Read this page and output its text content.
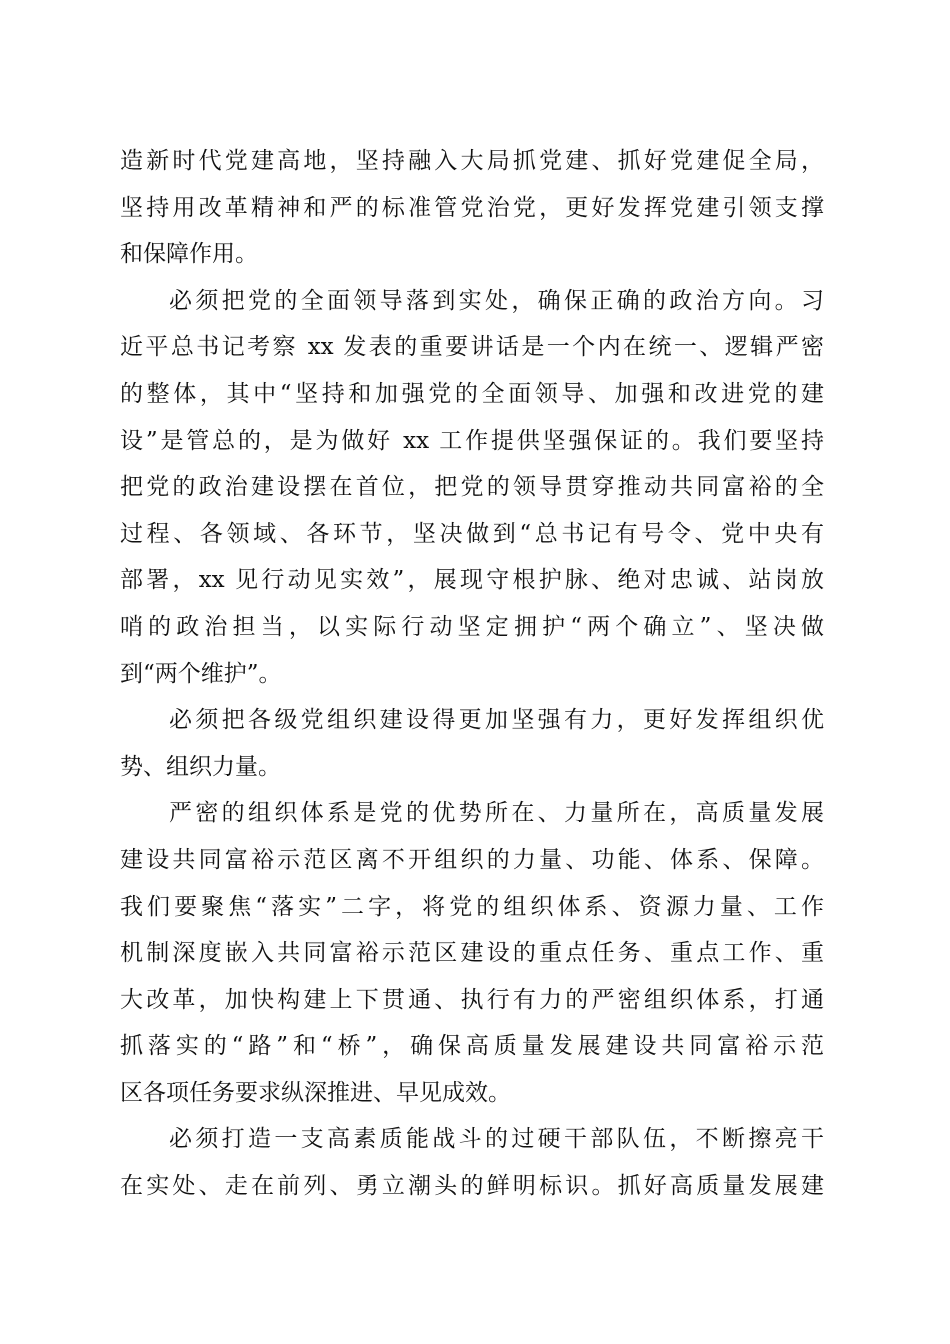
造新时代党建高地，坚持融入大局抓党建、抓好党建促全局，
坚持用改革精神和严的标准管党治党，更好发挥党建引领支撑
和保障作用。
必须把党的全面领导落到实处，确保正确的政治方向。习
近平总书记考察 xx 发表的重要讲话是一个内在统一、逻辑严密
的整体，其中“坚持和加强党的全面领导、加强和改进党的建
设”是管总的，是为做好 xx 工作提供坚强保证的。我们要坚持
把党的政治建设摆在首位，把党的领导贯穿推动共同富裕的全
过程、各领域、各环节，坚决做到“总书记有号令、党中央有
部署，xx 见行动见实效”，展现守根护脉、绝对忠诚、站岗放
哨的政治担当，以实际行动坚定拥护“两个确立”、坚决做
到“两个维护”。
必须把各级党组织建设得更加坚强有力，更好发挥组织优
势、组织力量。
严密的组织体系是党的优势所在、力量所在，高质量发展
建设共同富裕示范区离不开组织的力量、功能、体系、保障。
我们要聚焦“落实”二字，将党的组织体系、资源力量、工作
机制深度嵌入共同富裕示范区建设的重点任务、重点工作、重
大改革，加快构建上下贯通、执行有力的严密组织体系，打通
抓落实的“路”和“桥”，确保高质量发展建设共同富裕示范
区各项任务要求纵深推进、早见成效。
必须打造一支高素质能战斗的过硬干部队伍，不断擦亮干
在实处、走在前列、勇立潮头的鲜明标识。抓好高质量发展建
